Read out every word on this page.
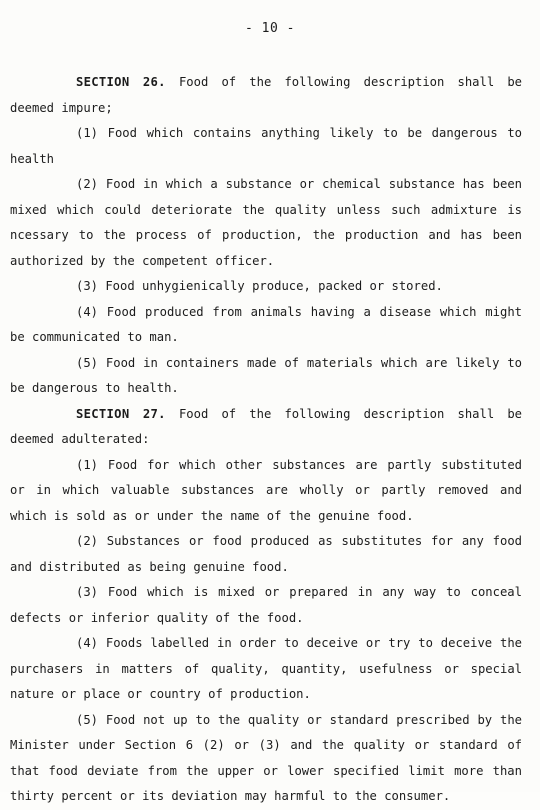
- 10 -

SECTION 26. Food of the following description shall be deemed impure;

(1) Food which contains anything likely to be dangerous to health

(2) Food in which a substance or chemical substance has been mixed which could deteriorate the quality unless such admixture is ncessary to the process of production, the production and has been authorized by the competent officer.

(3) Food unhygienically produce, packed or stored.

(4) Food produced from animals having a disease which might be communicated to man.

(5) Food in containers made of materials which are likely to be dangerous to health.

SECTION 27. Food of the following description shall be deemed adulterated:

(1) Food for which other substances are partly substituted or in which valuable substances are wholly or partly removed and which is sold as or under the name of the genuine food.

(2) Substances or food produced as substitutes for any food and distributed as being genuine food.

(3) Food which is mixed or prepared in any way to conceal defects or inferior quality of the food.

(4) Foods labelled in order to deceive or try to deceive the purchasers in matters of quality, quantity, usefulness or special nature or place or country of production.

(5) Food not up to the quality or standard prescribed by the Minister under Section 6 (2) or (3) and the quality or standard of that food deviate from the upper or lower specified limit more than thirty percent or its deviation may harmful to the consumer.
